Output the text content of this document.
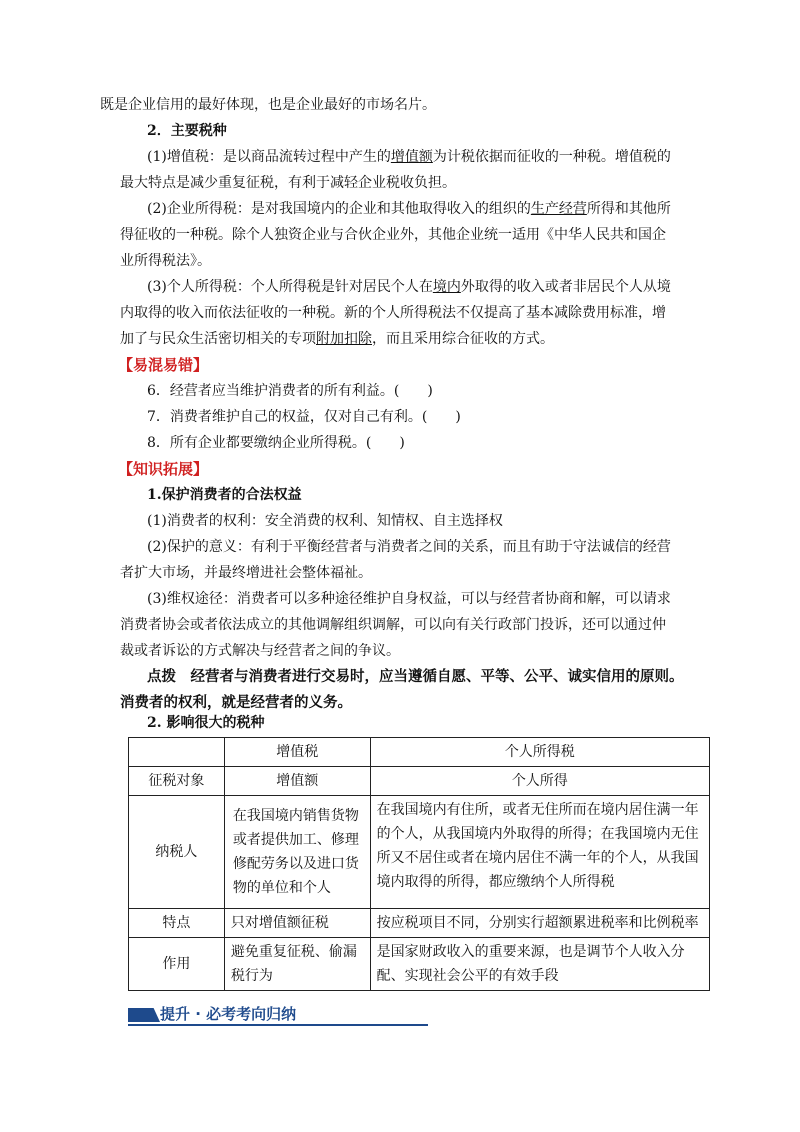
既是企业信用的最好体现，也是企业最好的市场名片。
2．主要税种
(1)增值税：是以商品流转过程中产生的增值额为计税依据而征收的一种税。增值税的
最大特点是减少重复征税，有利于减轻企业税收负担。
(2)企业所得税：是对我国境内的企业和其他取得收入的组织的生产经营所得和其他所
得征收的一种税。除个人独资企业与合伙企业外，其他企业统一适用《中华人民共和国企
业所得税法》。
(3)个人所得税：个人所得税是针对居民个人在境内外取得的收入或者非居民个人从境
内取得的收入而依法征收的一种税。新的个人所得税法不仅提高了基本减除费用标准，增
加了与民众生活密切相关的专项附加扣除，而且采用综合征收的方式。
【易混易错】
6．经营者应当维护消费者的所有利益。(　　)
7．消费者维护自己的权益，仅对自己有利。(　　)
8．所有企业都要缴纳企业所得税。(　　)
【知识拓展】
1.保护消费者的合法权益
(1)消费者的权利：安全消费的权利、知情权、自主选择权
(2)保护的意义：有利于平衡经营者与消费者之间的关系，而且有助于守法诚信的经营
者扩大市场，并最终增进社会整体福祉。
(3)维权途径：消费者可以多种途径维护自身权益，可以与经营者协商和解，可以请求
消费者协会或者依法成立的其他调解组织调解，可以向有关行政部门投诉，还可以通过仲
裁或者诉讼的方式解决与经营者之间的争议。
点拨　经营者与消费者进行交易时，应当遵循自愿、平等、公平、诚实信用的原则。
消费者的权利，就是经营者的义务。
2. 影响很大的税种
	增值税	个人所得税
征税对象	增值额	个人所得
纳税人	在我国境内销售货物或者提供加工、修理修配劳务以及进口货物的单位和个人	在我国境内有住所，或者无住所而在境内居住满一年的个人，从我国境内外取得的所得；在我国境内无住所又不居住或者在境内居住不满一年的个人，从我国境内取得的所得，都应缴纳个人所得税
特点	只对增值额征税	按应税项目不同，分别实行超额累进税率和比例税率
作用	避免重复征税、偷漏税行为	是国家财政收入的重要来源，也是调节个人收入分配、实现社会公平的有效手段
提升 · 必考考向归纳
